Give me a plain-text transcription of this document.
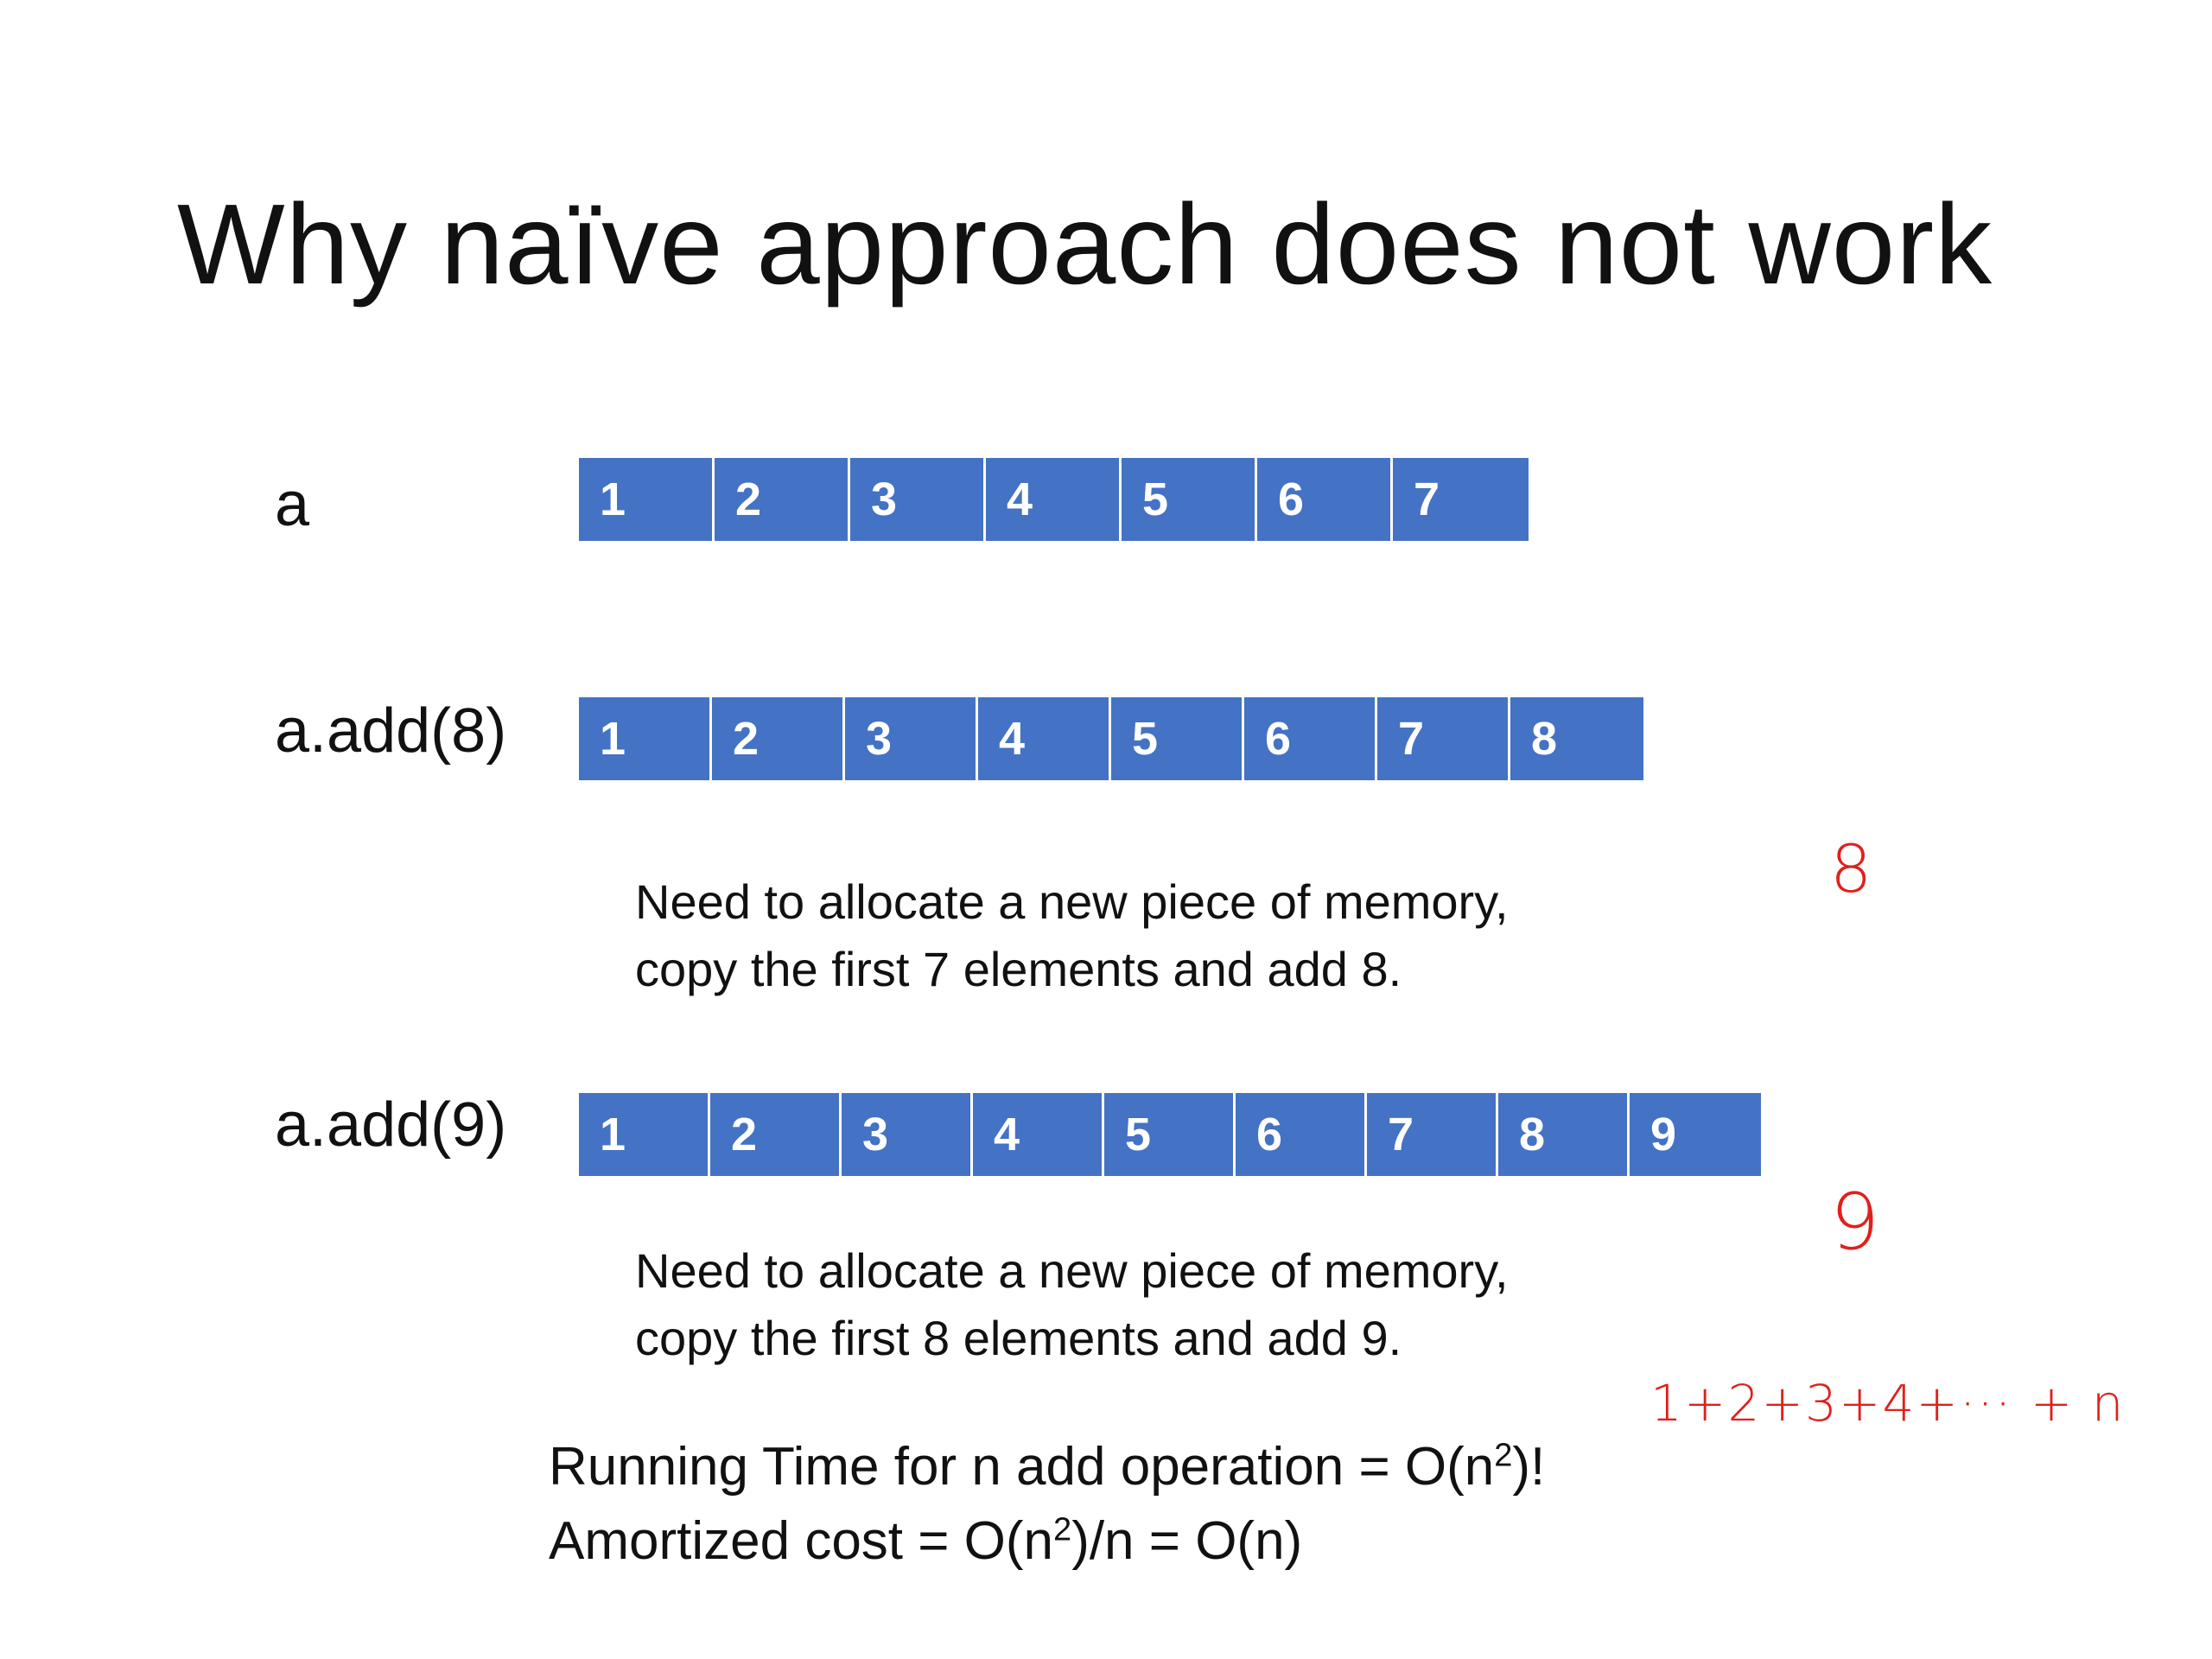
Why naïve approach does not work
a	1	2	3	4	5	6	7
a.add(8)	1	2	3	4	5	6	7	8
Need to allocate a new piece of memory,
copy the first 7 elements and add 8.
a.add(9)	1	2	3	4	5	6	7	8	9
Need to allocate a new piece of memory,
copy the first 8 elements and add 9.
Running Time for n add operation = $O(n^2)$!
Amortized $\cos t = O(n^2)/n = O(n)$
8
9
1+2+3+4+··· + n
